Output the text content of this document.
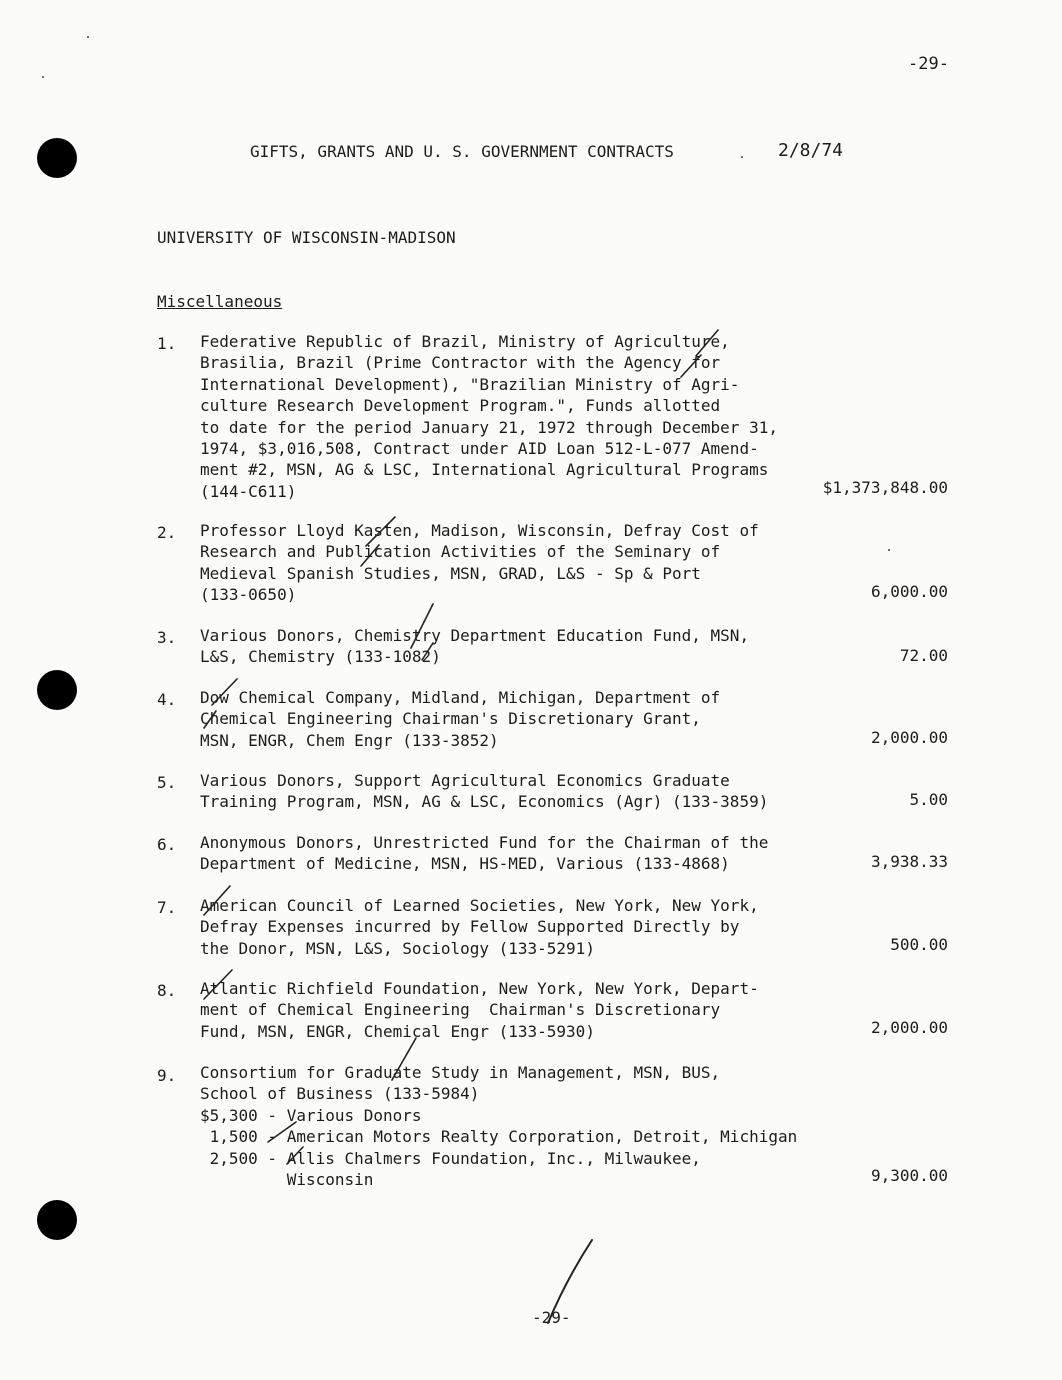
-29-
GIFTS, GRANTS AND U. S. GOVERNMENT CONTRACTS	2/8/74
UNIVERSITY OF WISCONSIN-MADISON
Miscellaneous
1. Federative Republic of Brazil, Ministry of Agriculture,
Brasilia, Brazil (Prime Contractor with the Agency for
International Development), "Brazilian Ministry of Agri-
culture Research Development Program.", Funds allotted
to date for the period January 21, 1972 through December 31,
1974, $3,016,508, Contract under AID Loan 512-L-077 Amend-
ment #2, MSN, AG & LSC, International Agricultural Programs
(144-C611)	$1,373,848.00
2. Professor Lloyd Kasten, Madison, Wisconsin, Defray Cost of
Research and Publication Activities of the Seminary of
Medieval Spanish Studies, MSN, GRAD, L&S - Sp & Port
(133-0650)	6,000.00
3. Various Donors, Chemistry Department Education Fund, MSN,
L&S, Chemistry (133-1082)	72.00
4. Dow Chemical Company, Midland, Michigan, Department of
Chemical Engineering Chairman's Discretionary Grant,
MSN, ENGR, Chem Engr (133-3852)	2,000.00
5. Various Donors, Support Agricultural Economics Graduate
Training Program, MSN, AG & LSC, Economics (Agr) (133-3859)	5.00
6. Anonymous Donors, Unrestricted Fund for the Chairman of the
Department of Medicine, MSN, HS-MED, Various (133-4868)	3,938.33
7. American Council of Learned Societies, New York, New York,
Defray Expenses incurred by Fellow Supported Directly by
the Donor, MSN, L&S, Sociology (133-5291)	500.00
8. Atlantic Richfield Foundation, New York, New York, Depart-
ment of Chemical Engineering  Chairman's Discretionary
Fund, MSN, ENGR, Chemical Engr (133-5930)	2,000.00
9. Consortium for Graduate Study in Management, MSN, BUS,
School of Business (133-5984)
$5,300 - Various Donors
1,500 - American Motors Realty Corporation, Detroit, Michigan
2,500 - Allis Chalmers Foundation, Inc., Milwaukee,
Wisconsin	9,300.00
-29-
